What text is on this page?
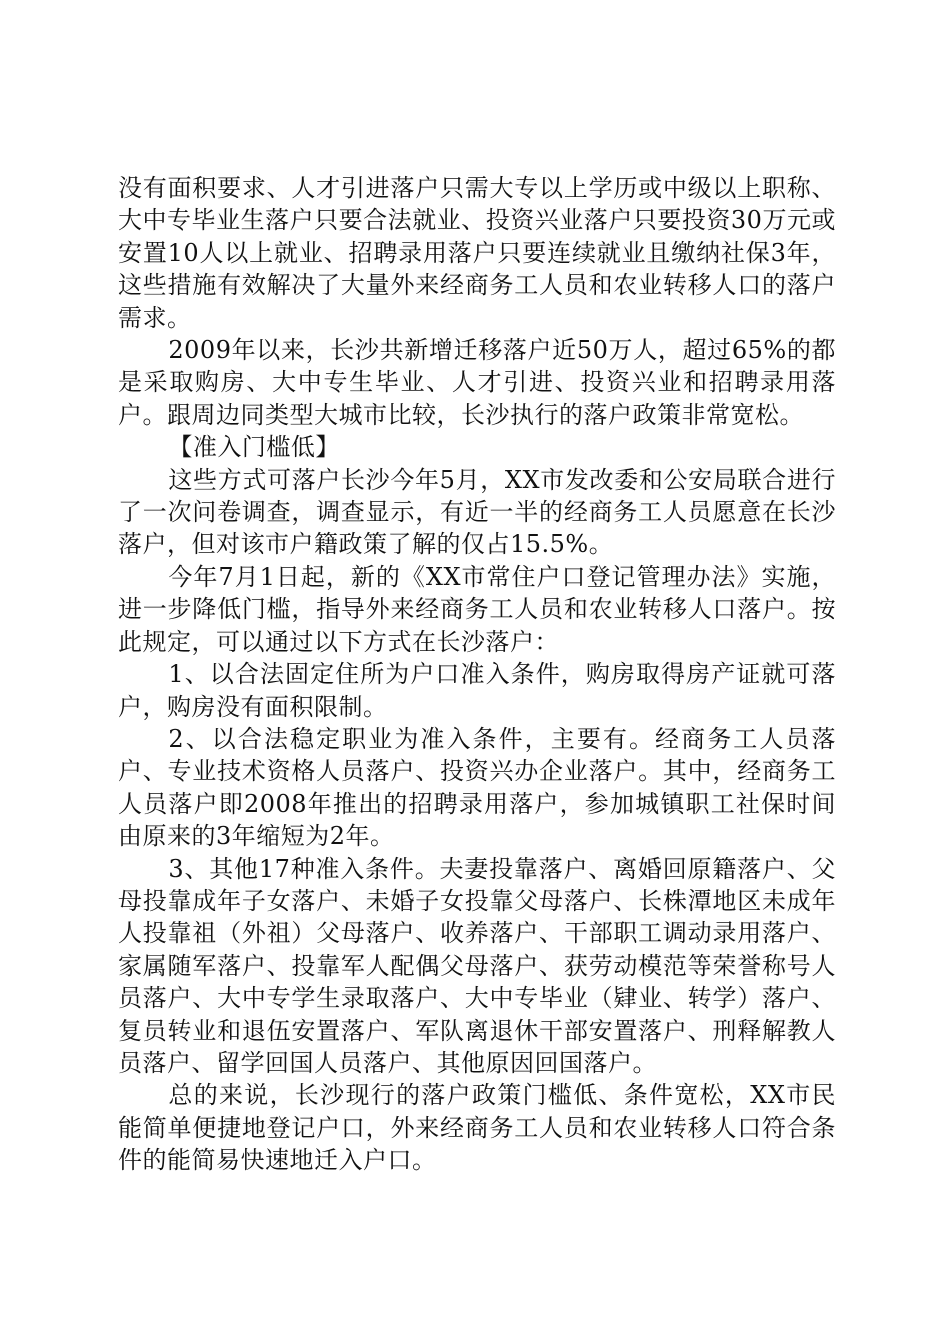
没有面积要求、人才引进落户只需大专以上学历或中级以上职称、大中专毕业生落户只要合法就业、投资兴业落户只要投资30万元或安置10人以上就业、招聘录用落户只要连续就业且缴纳社保3年，这些措施有效解决了大量外来经商务工人员和农业转移人口的落户需求。

2009年以来，长沙共新增迁移落户近50万人，超过65%的都是采取购房、大中专生毕业、人才引进、投资兴业和招聘录用落户。跟周边同类型大城市比较，长沙执行的落户政策非常宽松。

【准入门槛低】

这些方式可落户长沙今年5月，XX市发改委和公安局联合进行了一次问卷调查，调查显示，有近一半的经商务工人员愿意在长沙落户，但对该市户籍政策了解的仅占15.5%。

今年7月1日起，新的《XX市常住户口登记管理办法》实施，进一步降低门槛，指导外来经商务工人员和农业转移人口落户。按此规定，可以通过以下方式在长沙落户：

1、以合法固定住所为户口准入条件，购房取得房产证就可落户，购房没有面积限制。

2、以合法稳定职业为准入条件，主要有。经商务工人员落户、专业技术资格人员落户、投资兴办企业落户。其中，经商务工人员落户即2008年推出的招聘录用落户，参加城镇职工社保时间由原来的3年缩短为2年。

3、其他17种准入条件。夫妻投靠落户、离婚回原籍落户、父母投靠成年子女落户、未婚子女投靠父母落户、长株潭地区未成年人投靠祖（外祖）父母落户、收养落户、干部职工调动录用落户、家属随军落户、投靠军人配偶父母落户、获劳动模范等荣誉称号人员落户、大中专学生录取落户、大中专毕业（肄业、转学）落户、复员转业和退伍安置落户、军队离退休干部安置落户、刑释解教人员落户、留学回国人员落户、其他原因回国落户。

总的来说，长沙现行的落户政策门槛低、条件宽松，XX市民能简单便捷地登记户口，外来经商务工人员和农业转移人口符合条件的能简易快速地迁入户口。
